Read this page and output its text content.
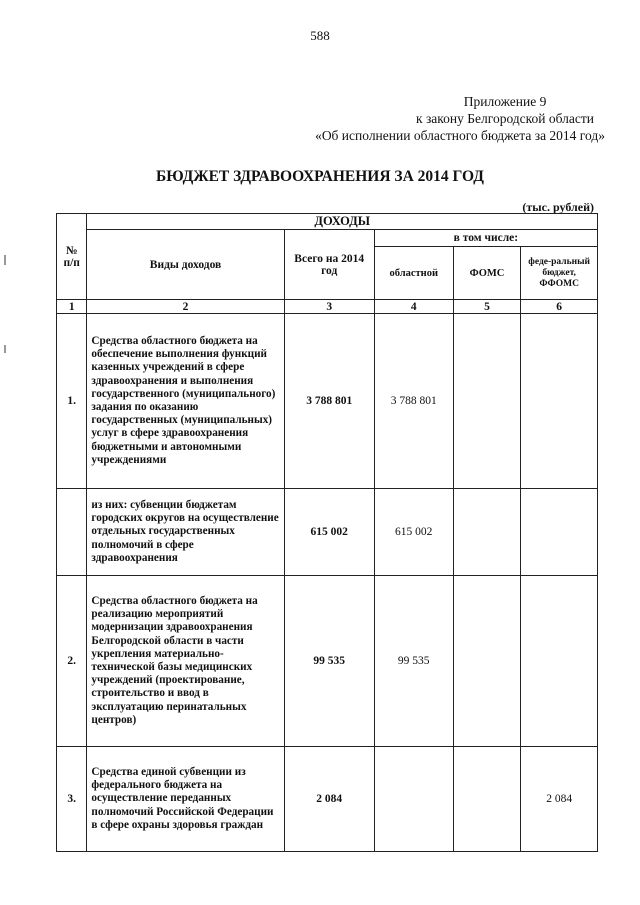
588
Приложение 9
к закону Белгородской области
«Об исполнении областного бюджета за 2014 год»
БЮДЖЕТ ЗДРАВООХРАНЕНИЯ ЗА 2014 ГОД
(тыс. рублей)
№ п/п	ДОХОДЫ				
	Виды доходов	Всего на 2014 год	в том числе:		
			областной	ФОМС	феде-ральный бюджет, ФФОМС
1	2	3	4	5	6
1.	Средства областного бюджета на обеспечение выполнения функций казенных учреждений в сфере здравоохранения и выполнения государственного (муниципального) задания по оказанию государственных (муниципальных) услуг в сфере здравоохранения бюджетными и автономными учреждениями	3 788 801	3 788 801		
	из них: субвенции бюджетам городских округов на осуществление отдельных государственных полномочий в сфере здравоохранения	615 002	615 002		
2.	Средства областного бюджета на реализацию мероприятий модернизации здравоохранения Белгородской области в части укрепления материально-технической базы медицинских учреждений (проектирование, строительство и ввод в эксплуатацию перинатальных центров)	99 535	99 535		
3.	Средства единой субвенции из федерального бюджета на осуществление переданных полномочий Российской Федерации в сфере охраны здоровья граждан	2 084			2 084
